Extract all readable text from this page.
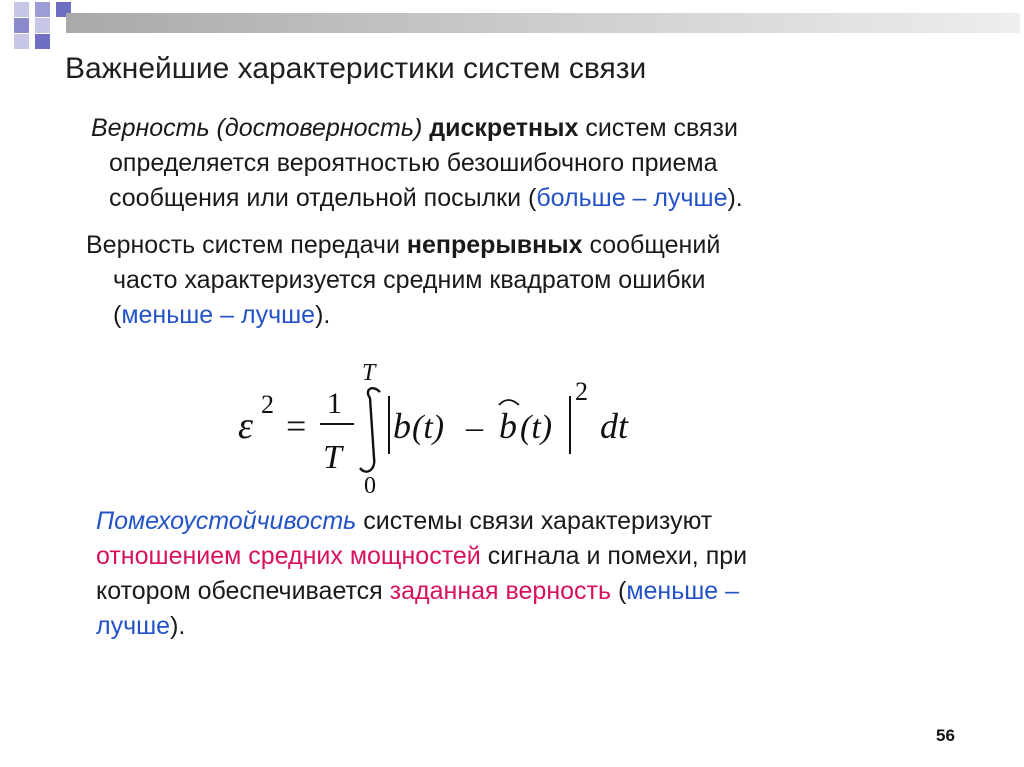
Важнейшие характеристики систем связи
Верность (достоверность) дискретных систем связи
определяется вероятностью безошибочного приема
сообщения или отдельной посылки (больше – лучше).
Верность систем передачи непрерывных сообщений
часто характеризуется средним квадратом ошибки
(меньше – лучше).
ε
2
=
1
T
T
0
b (t) – b (t)
2
dt
Помехоустойчивость системы связи характеризуют
отношением средних мощностей сигнала и помехи, при
котором обеспечивается заданная верность (меньше –
лучше).
56
